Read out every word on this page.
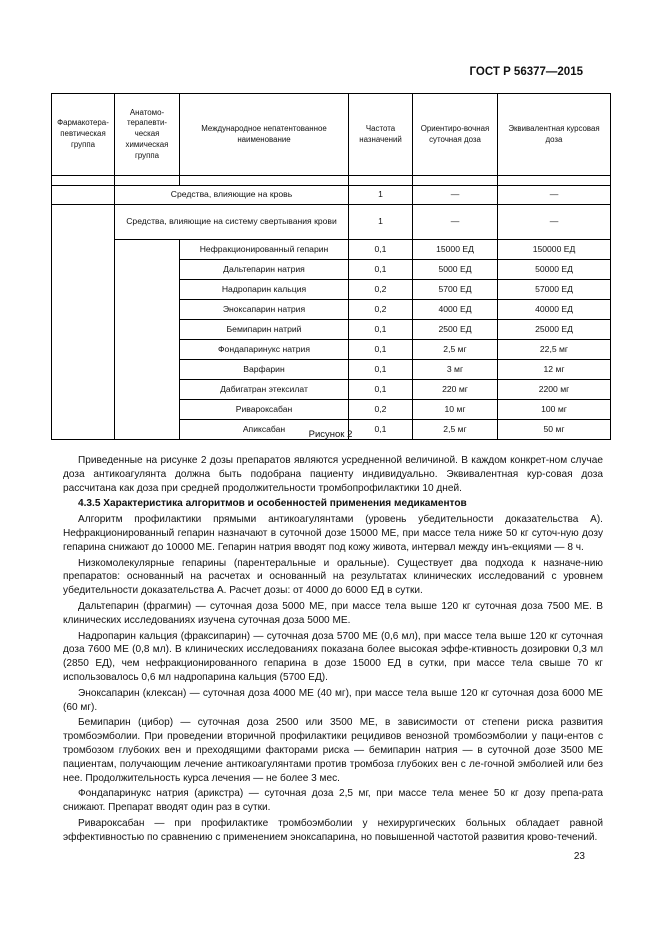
ГОСТ Р 56377—2015
Фармакотера-певтическая группа	Анатомо-терапевти-ческая химическая группа	Международное непатентованное наименование	Частота назначений	Ориентиро-вочная суточная доза	Эквивалентная курсовая доза

	Средства, влияющие на кровь		1	—	—
	Средства, влияющие на систему свертывания крови		1	—	—
		Нефракционированный гепарин	0,1	15000 ЕД	150000 ЕД
		Дальтепарин натрия	0,1	5000 ЕД	50000 ЕД
		Надропарин кальция	0,2	5700 ЕД	57000 ЕД
		Эноксапарин натрия	0,2	4000 ЕД	40000 ЕД
		Бемипарин натрий	0,1	2500 ЕД	25000 ЕД
		Фондапаринукс натрия	0,1	2,5 мг	22,5 мг
		Варфарин	0,1	3 мг	12 мг
		Дабигатран этексилат	0,1	220 мг	2200 мг
		Ривароксабан	0,2	10 мг	100 мг
		Апиксабан	0,1	2,5 мг	50 мг
Рисунок 2

Приведенные на рисунке 2 дозы препаратов являются усредненной величиной. В каждом конкрет-ном случае доза антикоагулянта должна быть подобрана пациенту индивидуально. Эквивалентная кур-совая доза рассчитана как доза при средней продолжительности тромбопрофилактики 10 дней.

4.3.5 Характеристика алгоритмов и особенностей применения медикаментов

Алгоритм профилактики прямыми антикоагулянтами (уровень убедительности доказательства А). Нефракционированный гепарин назначают в суточной дозе 15000 МЕ, при массе тела ниже 50 кг суточ-ную дозу гепарина снижают до 10000 МЕ. Гепарин натрия вводят под кожу живота, интервал между инъ-екциями — 8 ч.

Низкомолекулярные гепарины (парентеральные и оральные). Существует два подхода к назначе-нию препаратов: основанный на расчетах и основанный на результатах клинических исследований с уровнем убедительности доказательства А. Расчет дозы: от 4000 до 6000 ЕД в сутки.

Дальтепарин (фрагмин) — суточная доза 5000 МЕ, при массе тела выше 120 кг суточная доза 7500 МЕ. В клинических исследованиях изучена суточная доза 5000 МЕ.

Надропарин кальция (фраксипарин) — суточная доза 5700 МЕ (0,6 мл), при массе тела выше 120 кг суточная доза 7600 МЕ (0,8 мл). В клинических исследованиях показана более высокая эффе-ктивность дозировки 0,3 мл (2850 ЕД), чем нефракционированного гепарина в дозе 15000 ЕД в сутки, при массе тела свыше 70 кг использовалось 0,6 мл надропарина кальция (5700 ЕД).

Эноксапарин (клексан) — суточная доза 4000 МЕ (40 мг), при массе тела выше 120 кг суточная доза 6000 МЕ (60 мг).

Бемипарин (цибор) — суточная доза 2500 или 3500 МЕ, в зависимости от степени риска развития тромбоэмболии. При проведении вторичной профилактики рецидивов венозной тромбоэмболии у паци-ентов с тромбозом глубоких вен и преходящими факторами риска — бемипарин натрия — в суточной дозе 3500 МЕ пациентам, получающим лечение антикоагулянтами против тромбоза глубоких вен с ле-гочной эмболией или без нее. Продолжительность курса лечения — не более 3 мес.

Фондапаринукс натрия (арикстра) — суточная доза 2,5 мг, при массе тела менее 50 кг дозу препа-рата снижают. Препарат вводят один раз в сутки.

Ривароксабан — при профилактике тромбоэмболии у нехирургических больных обладает равной эффективностью по сравнению с применением эноксапарина, но повышенной частотой развития крово-течений.

23
